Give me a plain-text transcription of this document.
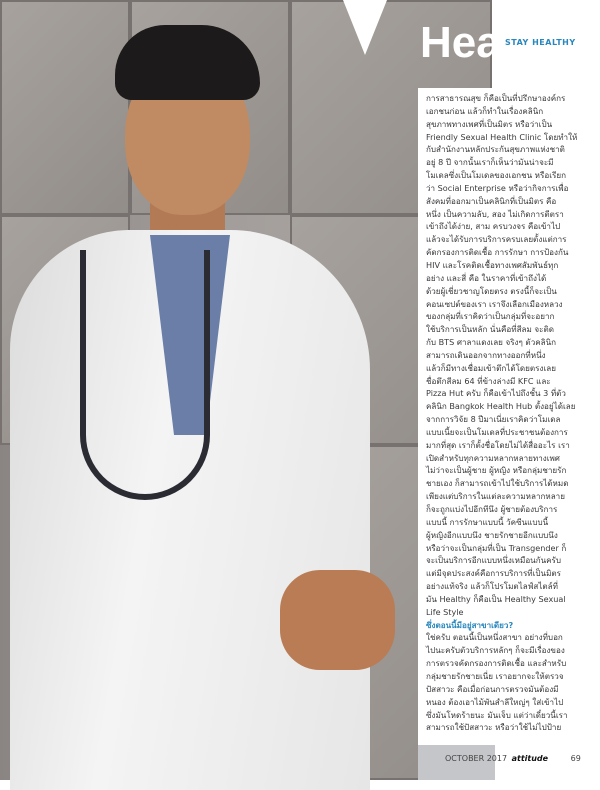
Hea STAY HEALTHY
การสาธารณสุข ก็คือเป็นที่ปรึกษาองค์กร
เอกชนก่อน แล้วก็ทำในเรื่องคลินิก
สุขภาพทางเพศที่เป็นมิตร หรือว่าเป็น
Friendly Sexual Health Clinic โดยทำให้
กับสำนักงานหลักประกันสุขภาพแห่งชาติ
อยู่ 8 ปี จากนั้นเราก็เห็นว่ามันน่าจะมี
โมเดลซึ่งเป็นโมเดลของเอกชน หรือเรียก
ว่า Social Enterprise หรือว่ากิจการเพื่อ
สังคมที่ออกมาเป็นคลินิกที่เป็นมิตร คือ
หนึ่ง เป็นความลับ, สอง ไม่เกิดการตีตรา
เข้าถึงได้ง่าย, สาม ครบวงจร คือเข้าไป
แล้วจะได้รับการบริการครบเลยตั้งแต่การ
คัดกรองการติดเชื้อ การรักษา การป้องกัน
HIV และโรคติดเชื้อทางเพศสัมพันธ์ทุก
อย่าง และสี่ คือ ในราคาที่เข้าถึงได้
ด้วยผู้เชี่ยวชาญโดยตรง ตรงนี้ก็จะเป็น
คอนเซปต์ของเรา เราจึงเลือกเมืองหลวง
ของกลุ่มที่เราคิดว่าเป็นกลุ่มที่จะอยาก
ใช้บริการเป็นหลัก นั่นคือที่สีลม จะติด
กับ BTS ศาลาแดงเลย จริงๆ ตัวคลินิก
สามารถเดินออกจากทางออกที่หนึ่ง
แล้วก็มีทางเชื่อมเข้าตึกได้โดยตรงเลย
ชื่อตึกสีลม 64 ที่ข้างล่างมี KFC และ
Pizza Hut ครับ ก็คือเข้าไปถึงชั้น 3 ที่ตัว
คลินิก Bangkok Health Hub ตั้งอยู่ได้เลย
จากการวิจัย 8 ปีมาเนี่ยเราคิดว่าโมเดล
แบบเนี้ยจะเป็นโมเดลที่ประชาชนต้องการ
มากที่สุด เราก็ตั้งชื่อโดยไม่ได้สื่ออะไร เรา
เปิดสำหรับทุกความหลากหลายทางเพศ
ไม่ว่าจะเป็นผู้ชาย ผู้หญิง หรือกลุ่มชายรัก
ชายเอง ก็สามารถเข้าไปใช้บริการได้หมด
เพียงแต่บริการในแต่ละความหลากหลาย
ก็จะถูกแบ่งไปอีกทีนึง ผู้ชายต้องบริการ
แบบนี้ การรักษาแบบนี้ วัคซีนแบบนี้
ผู้หญิงอีกแบบนึง ชายรักชายอีกแบบนึง
หรือว่าจะเป็นกลุ่มที่เป็น Transgender ก็
จะเป็นบริการอีกแบบหนึ่งเหมือนกันครับ
แต่มีจุดประสงค์คือการบริการที่เป็นมิตร
อย่างแท้จริง แล้วก็โปรโมตไลฟ์สไตล์ที่
มัน Healthy ก็คือเป็น Healthy Sexual
Life Style
ซึ่งตอนนี้มีอยู่สาขาเดียว?
ใช่ครับ ตอนนี้เป็นหนึ่งสาขา อย่างที่บอก
ไปนะครับตัวบริการหลักๆ ก็จะมีเรื่องของ
การตรวจคัดกรองการติดเชื้อ และสำหรับ
กลุ่มชายรักชายเนี่ย เราอยากจะให้ตรวจ
ปัสสาวะ คือเมื่อก่อนการตรวจมันต้องมี
หนอง ต้องเอาไม้พันสำลีใหญ่ๆ ใส่เข้าไป
ซึ่งมันโหดร้ายนะ มันเจ็บ แต่ว่าเดี๋ยวนี้เรา
สามารถใช้ปัสสาวะ หรือว่าใช้ไม่ไปป้าย
OCTOBER 2017 attitude	69
